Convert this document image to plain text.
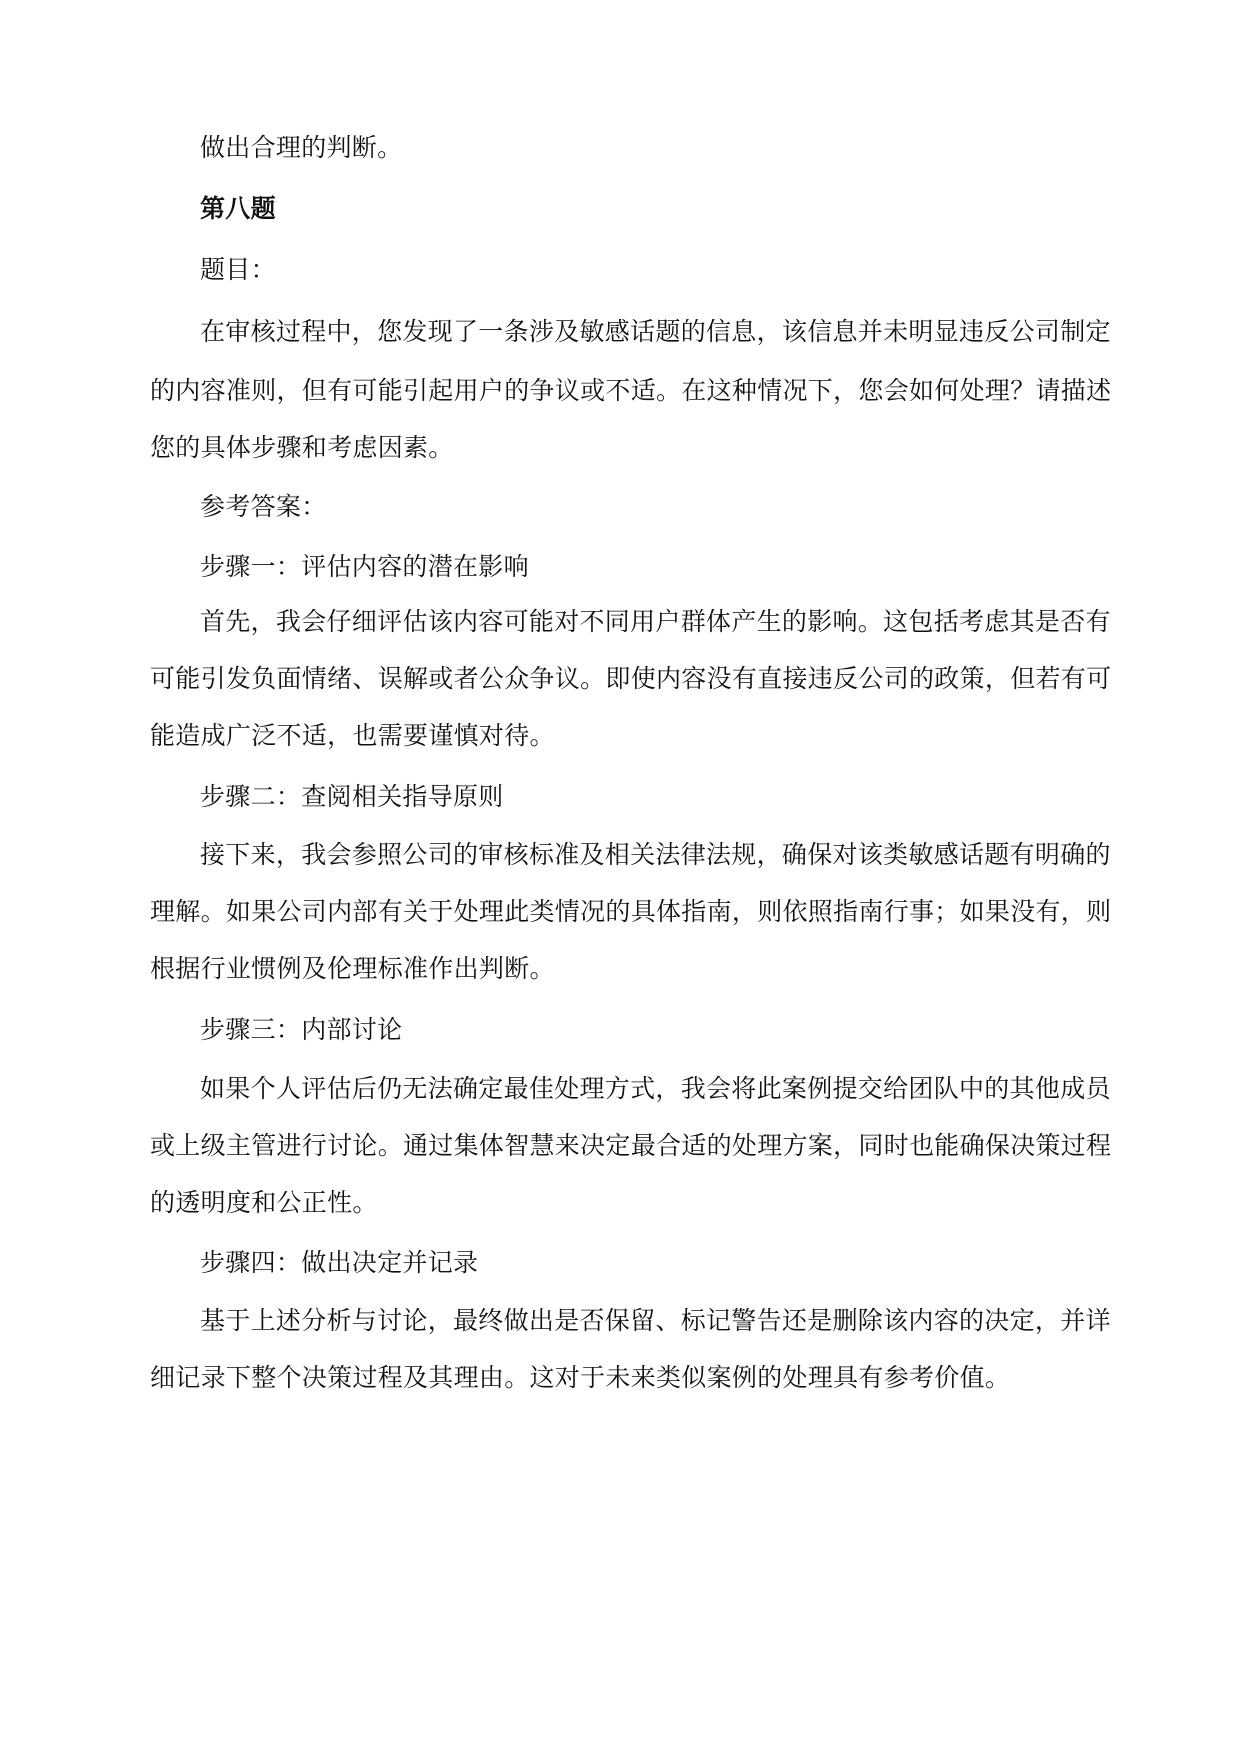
做出合理的判断。
第八题
题目：
在审核过程中，您发现了一条涉及敏感话题的信息，该信息并未明显违反公司制定
的内容准则，但有可能引起用户的争议或不适。在这种情况下，您会如何处理？请描述
您的具体步骤和考虑因素。
参考答案：
步骤一：评估内容的潜在影响
首先，我会仔细评估该内容可能对不同用户群体产生的影响。这包括考虑其是否有
可能引发负面情绪、误解或者公众争议。即使内容没有直接违反公司的政策，但若有可
能造成广泛不适，也需要谨慎对待。
步骤二：查阅相关指导原则
接下来，我会参照公司的审核标准及相关法律法规，确保对该类敏感话题有明确的
理解。如果公司内部有关于处理此类情况的具体指南，则依照指南行事；如果没有，则
根据行业惯例及伦理标准作出判断。
步骤三：内部讨论
如果个人评估后仍无法确定最佳处理方式，我会将此案例提交给团队中的其他成员
或上级主管进行讨论。通过集体智慧来决定最合适的处理方案，同时也能确保决策过程
的透明度和公正性。
步骤四：做出决定并记录
基于上述分析与讨论，最终做出是否保留、标记警告还是删除该内容的决定，并详
细记录下整个决策过程及其理由。这对于未来类似案例的处理具有参考价值。
